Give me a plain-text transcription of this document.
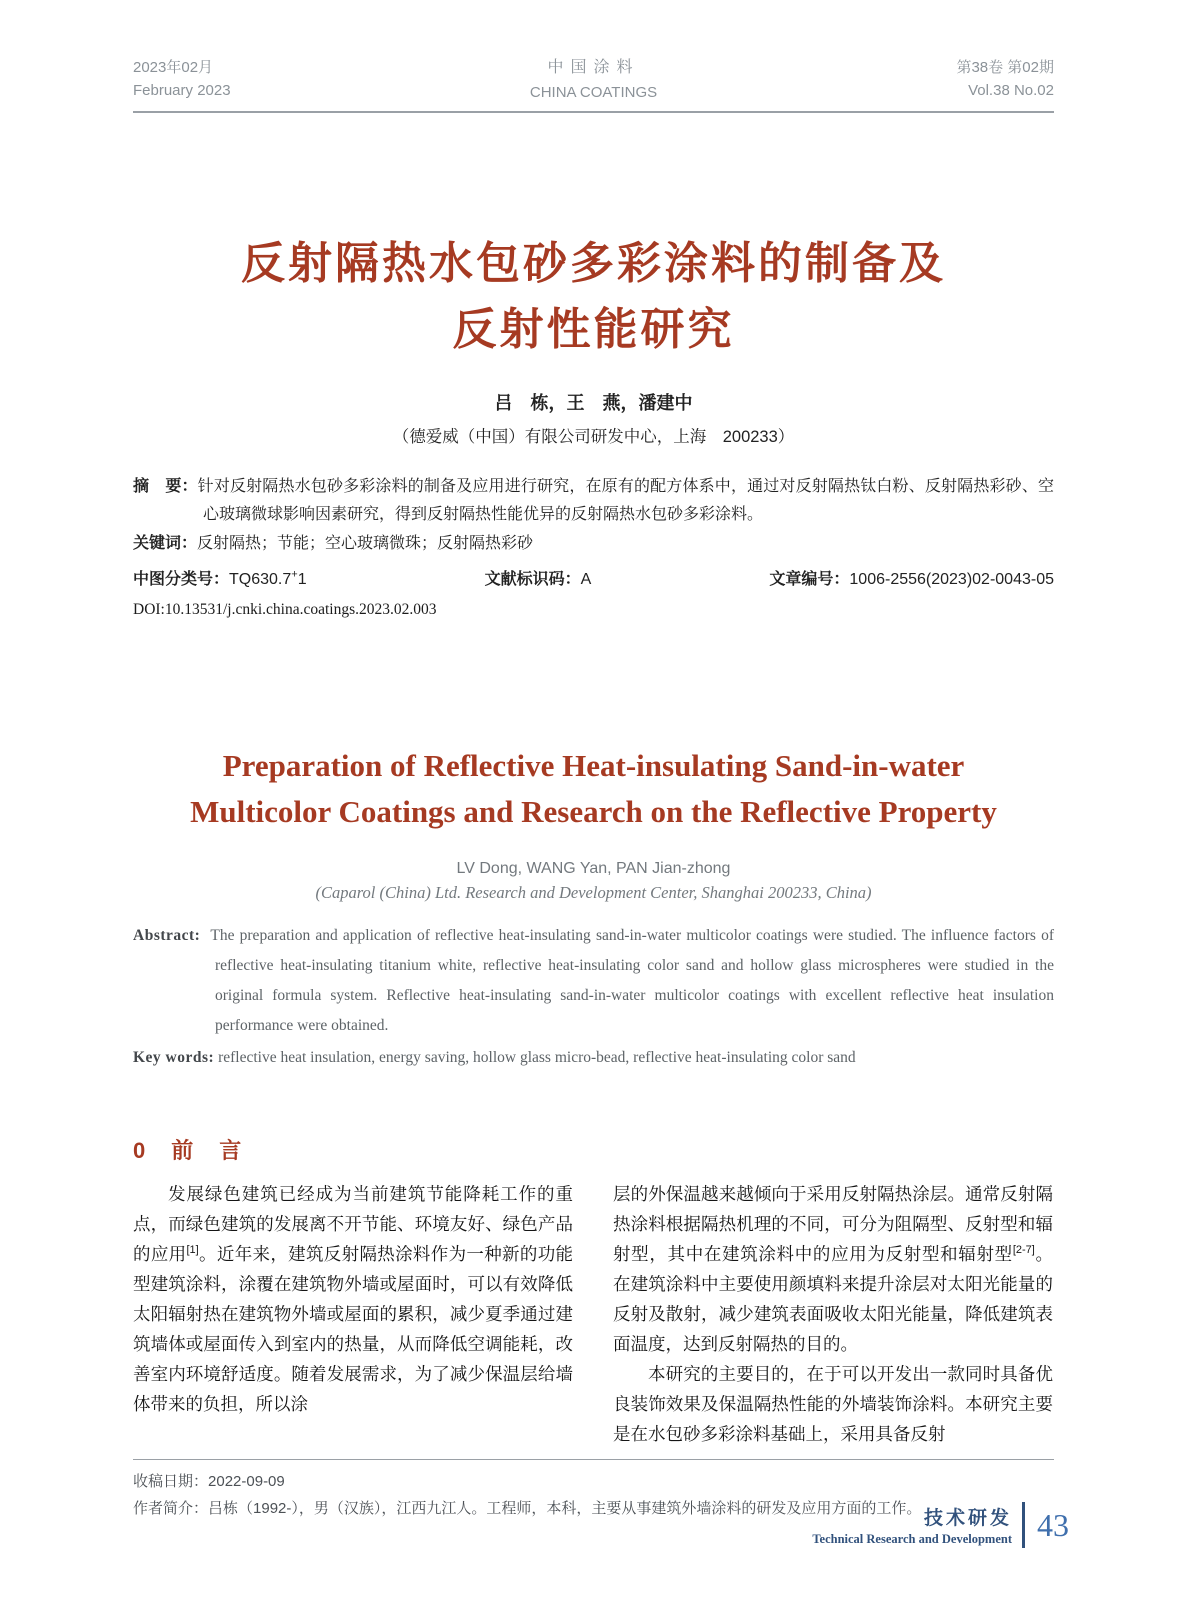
2023年02月
February 2023
中国涂料
CHINA COATINGS
第38卷 第02期
Vol.38 No.02
反射隔热水包砂多彩涂料的制备及
反射性能研究
吕　栋，王　燕，潘建中
（德爱威（中国）有限公司研发中心，上海　200233）
摘　要：针对反射隔热水包砂多彩涂料的制备及应用进行研究，在原有的配方体系中，通过对反射隔热钛白粉、反射隔热彩砂、空心玻璃微球影响因素研究，得到反射隔热性能优异的反射隔热水包砂多彩涂料。
关键词：反射隔热；节能；空心玻璃微珠；反射隔热彩砂
中图分类号：TQ630.7+1	文献标识码：A	文章编号：1006-2556(2023)02-0043-05
DOI:10.13531/j.cnki.china.coatings.2023.02.003
Preparation of Reflective Heat-insulating Sand-in-water
Multicolor Coatings and Research on the Reflective Property
LV Dong, WANG Yan, PAN Jian-zhong
(Caparol (China) Ltd. Research and Development Center, Shanghai 200233, China)
Abstract: The preparation and application of reflective heat-insulating sand-in-water multicolor coatings were studied. The influence factors of reflective heat-insulating titanium white, reflective heat-insulating color sand and hollow glass microspheres were studied in the original formula system. Reflective heat-insulating sand-in-water multicolor coatings with excellent reflective heat insulation performance were obtained.
Key words: reflective heat insulation, energy saving, hollow glass micro-bead, reflective heat-insulating color sand
0 前　言

发展绿色建筑已经成为当前建筑节能降耗工作的重点，而绿色建筑的发展离不开节能、环境友好、绿色产品的应用[1]。近年来，建筑反射隔热涂料作为一种新的功能型建筑涂料，涂覆在建筑物外墙或屋面时，可以有效降低太阳辐射热在建筑物外墙或屋面的累积，减少夏季通过建筑墙体或屋面传入到室内的热量，从而降低空调能耗，改善室内环境舒适度。随着发展需求，为了减少保温层给墙体带来的负担，所以涂

层的外保温越来越倾向于采用反射隔热涂层。通常反射隔热涂料根据隔热机理的不同，可分为阻隔型、反射型和辐射型，其中在建筑涂料中的应用为反射型和辐射型[2-7]。在建筑涂料中主要使用颜填料来提升涂层对太阳光能量的反射及散射，减少建筑表面吸收太阳光能量，降低建筑表面温度，达到反射隔热的目的。

本研究的主要目的，在于可以开发出一款同时具备优良装饰效果及保温隔热性能的外墙装饰涂料。本研究主要是在水包砂多彩涂料基础上，采用具备反射

收稿日期：2022-09-09
作者简介：吕栋（1992-），男（汉族），江西九江人。工程师，本科，主要从事建筑外墙涂料的研发及应用方面的工作。 技术研发
Technical Research and Development 43
